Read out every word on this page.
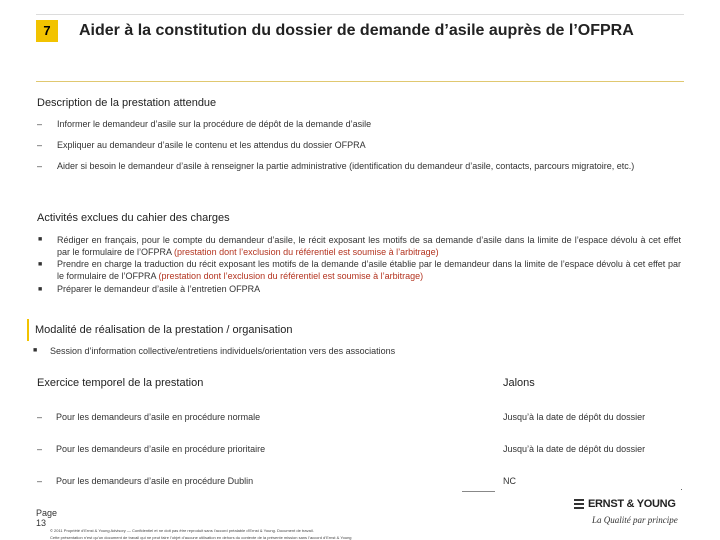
7	Aider à la constitution du dossier de demande d’asile auprès de l’OFPRA
Description de la prestation attendue
– Informer le demandeur d’asile sur la procédure de dépôt de la demande d’asile
– Expliquer au demandeur d’asile le contenu et les attendus du dossier OFPRA
– Aider si besoin le demandeur d’asile à renseigner la partie administrative (identification du demandeur d’asile, contacts, parcours migratoire, etc.)
Activités exclues du cahier des charges
■ Rédiger en français, pour le compte du demandeur d’asile, le récit exposant les motifs de sa demande d’asile dans la limite de l’espace dévolu à cet effet par le formulaire de l’OFPRA (prestation dont l’exclusion du référentiel est soumise à l’arbitrage)
■ Prendre en charge la traduction du récit exposant les motifs de la demande d’asile établie par le demandeur dans la limite de l’espace dévolu à cet effet par le formulaire de l’OFPRA (prestation dont l’exclusion du référentiel est soumise à l’arbitrage)
■ Préparer le demandeur d’asile à l’entretien OFPRA
Modalité de réalisation de la prestation / organisation
■ Session d’information collective/entretiens individuels/orientation vers des associations
Exercice temporel de la prestation	Jalons
– Pour les demandeurs d’asile en procédure normale	Jusqu’à la date de dépôt du dossier
– Pour les demandeurs d’asile en procédure prioritaire	Jusqu’à la date de dépôt du dossier
– Pour les demandeurs d’asile en procédure Dublin	NC
Page
13
© 2011 Propriété d’Ernst & Young Advisory — Confidentiel et ne doit pas être reproduit sans l’accord préalable d’Ernst & Young. Document de travail.
Cette présentation n’est qu’un document de travail qui ne peut faire l’objet d’aucune utilisation en dehors du contexte de la présente mission sans l’accord d’Ernst & Young
ERNST & YOUNG
La Qualité par principe
